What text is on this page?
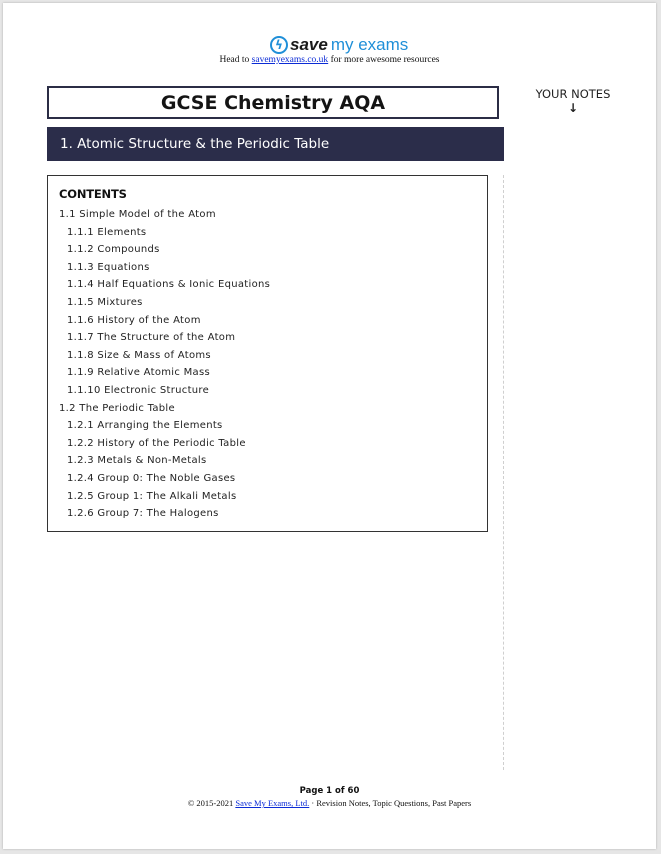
ϟ save my exams
Head to savemyexams.co.uk for more awesome resources
GCSE Chemistry AQA
1. Atomic Structure & the Periodic Table
YOUR NOTES
↓
CONTENTS
1.1 Simple Model of the Atom
1.1.1 Elements
1.1.2 Compounds
1.1.3 Equations
1.1.4 Half Equations & Ionic Equations
1.1.5 Mixtures
1.1.6 History of the Atom
1.1.7 The Structure of the Atom
1.1.8 Size & Mass of Atoms
1.1.9 Relative Atomic Mass
1.1.10 Electronic Structure
1.2 The Periodic Table
1.2.1 Arranging the Elements
1.2.2 History of the Periodic Table
1.2.3 Metals & Non-Metals
1.2.4 Group 0: The Noble Gases
1.2.5 Group 1: The Alkali Metals
1.2.6 Group 7: The Halogens
Page 1 of 60
© 2015-2021 Save My Exams, Ltd. · Revision Notes, Topic Questions, Past Papers
